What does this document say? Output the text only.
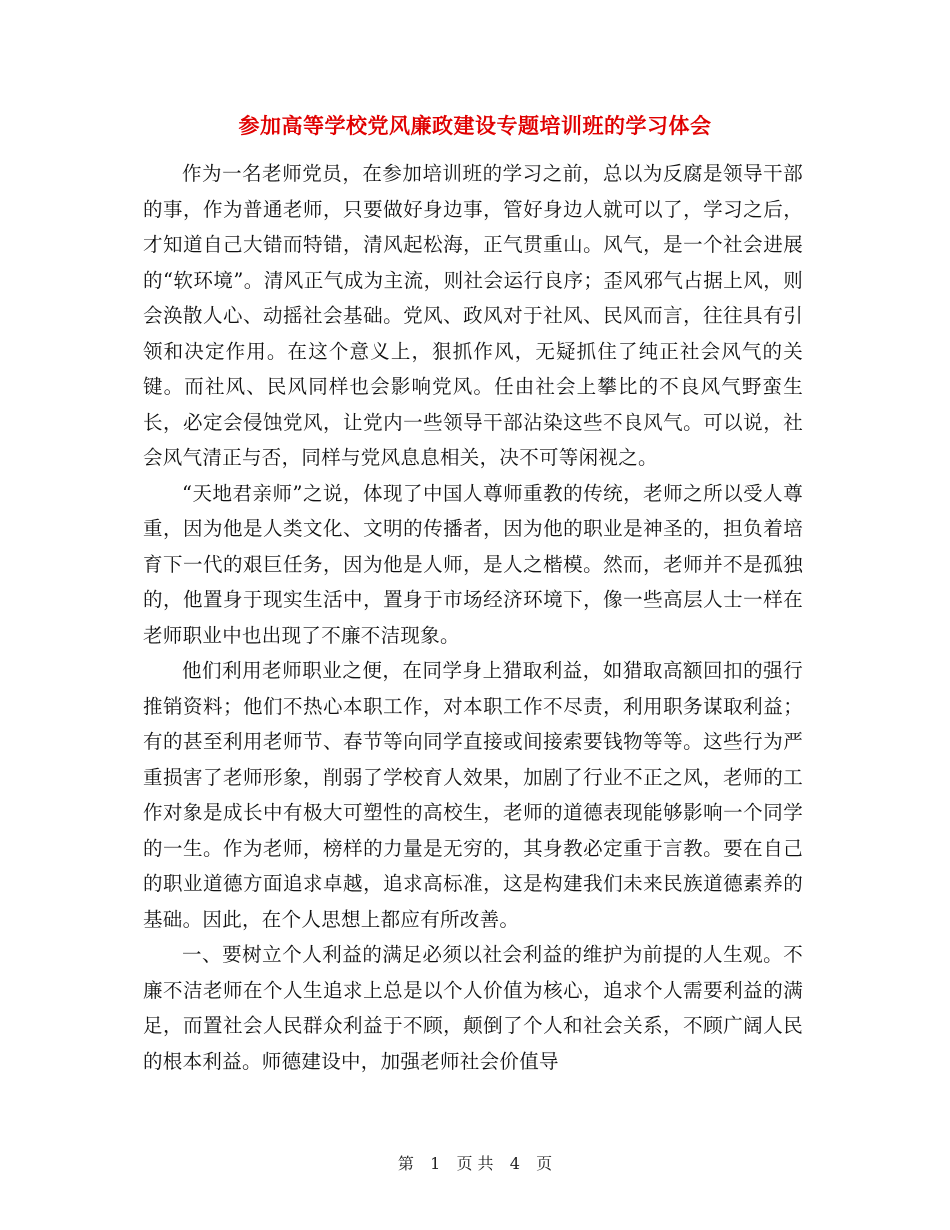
参加高等学校党风廉政建设专题培训班的学习体会

作为一名老师党员，在参加培训班的学习之前，总以为反腐是领导干部的事，作为普通老师，只要做好身边事，管好身边人就可以了，学习之后，才知道自己大错而特错，清风起松海，正气贯重山。风气，是一个社会进展的“软环境”。清风正气成为主流，则社会运行良序；歪风邪气占据上风，则会涣散人心、动摇社会基础。党风、政风对于社风、民风而言，往往具有引领和决定作用。在这个意义上，狠抓作风，无疑抓住了纯正社会风气的关键。而社风、民风同样也会影响党风。任由社会上攀比的不良风气野蛮生长，必定会侵蚀党风，让党内一些领导干部沾染这些不良风气。可以说，社会风气清正与否，同样与党风息息相关，决不可等闲视之。

“天地君亲师”之说，体现了中国人尊师重教的传统，老师之所以受人尊重，因为他是人类文化、文明的传播者，因为他的职业是神圣的，担负着培育下一代的艰巨任务，因为他是人师，是人之楷模。然而，老师并不是孤独的，他置身于现实生活中，置身于市场经济环境下，像一些高层人士一样在老师职业中也出现了不廉不洁现象。

他们利用老师职业之便，在同学身上猎取利益，如猎取高额回扣的强行推销资料；他们不热心本职工作，对本职工作不尽责，利用职务谋取利益；有的甚至利用老师节、春节等向同学直接或间接索要钱物等等。这些行为严重损害了老师形象，削弱了学校育人效果，加剧了行业不正之风，老师的工作对象是成长中有极大可塑性的高校生，老师的道德表现能够影响一个同学的一生。作为老师，榜样的力量是无穷的，其身教必定重于言教。要在自己的职业道德方面追求卓越，追求高标准，这是构建我们未来民族道德素养的基础。因此，在个人思想上都应有所改善。

一、要树立个人利益的满足必须以社会利益的维护为前提的人生观。不廉不洁老师在个人生追求上总是以个人价值为核心，追求个人需要利益的满足，而置社会人民群众利益于不顾，颠倒了个人和社会关系，不顾广阔人民的根本利益。师德建设中，加强老师社会价值导

第 1 页 共 4 页
